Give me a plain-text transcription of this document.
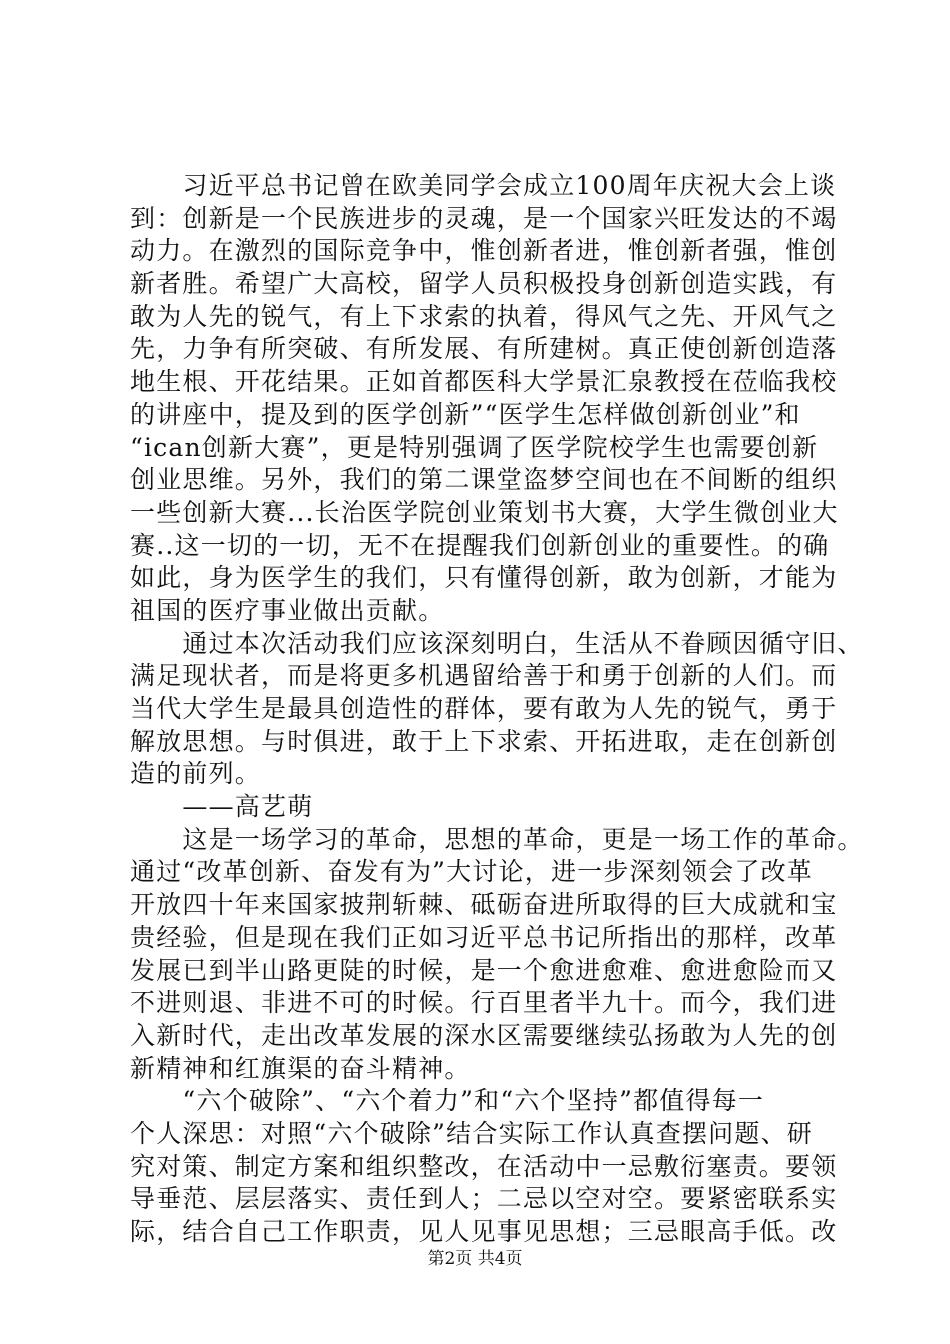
　　习近平总书记曾在欧美同学会成立100周年庆祝大会上谈
到：创新是一个民族进步的灵魂，是一个国家兴旺发达的不竭
动力。在激烈的国际竞争中，惟创新者进，惟创新者强，惟创
新者胜。希望广大高校，留学人员积极投身创新创造实践，有
敢为人先的锐气，有上下求索的执着，得风气之先、开风气之
先，力争有所突破、有所发展、有所建树。真正使创新创造落
地生根、开花结果。正如首都医科大学景汇泉教授在莅临我校
的讲座中，提及到的医学创新”“医学生怎样做创新创业”和
“ican创新大赛”，更是特别强调了医学院校学生也需要创新
创业思维。另外，我们的第二课堂盗梦空间也在不间断的组织
一些创新大赛...长治医学院创业策划书大赛，大学生微创业大
赛..这一切的一切，无不在提醒我们创新创业的重要性。的确
如此，身为医学生的我们，只有懂得创新，敢为创新，才能为
祖国的医疗事业做出贡献。
　　通过本次活动我们应该深刻明白，生活从不眷顾因循守旧、
满足现状者，而是将更多机遇留给善于和勇于创新的人们。而
当代大学生是最具创造性的群体，要有敢为人先的锐气，勇于
解放思想。与时俱进，敢于上下求索、开拓进取，走在创新创
造的前列。
　　——高艺萌
　　这是一场学习的革命，思想的革命，更是一场工作的革命。
通过“改革创新、奋发有为”大讨论，进一步深刻领会了改革
开放四十年来国家披荆斩棘、砥砺奋进所取得的巨大成就和宝
贵经验，但是现在我们正如习近平总书记所指出的那样，改革
发展已到半山路更陡的时候，是一个愈进愈难、愈进愈险而又
不进则退、非进不可的时候。行百里者半九十。而今，我们进
入新时代，走出改革发展的深水区需要继续弘扬敢为人先的创
新精神和红旗渠的奋斗精神。
　　“六个破除”、“六个着力”和“六个坚持”都值得每一
个人深思：对照“六个破除”结合实际工作认真查摆问题、研
究对策、制定方案和组织整改，在活动中一忌敷衍塞责。要领
导垂范、层层落实、责任到人；二忌以空对空。要紧密联系实
际，结合自己工作职责，见人见事见思想；三忌眼高手低。改
第2页 共4页
